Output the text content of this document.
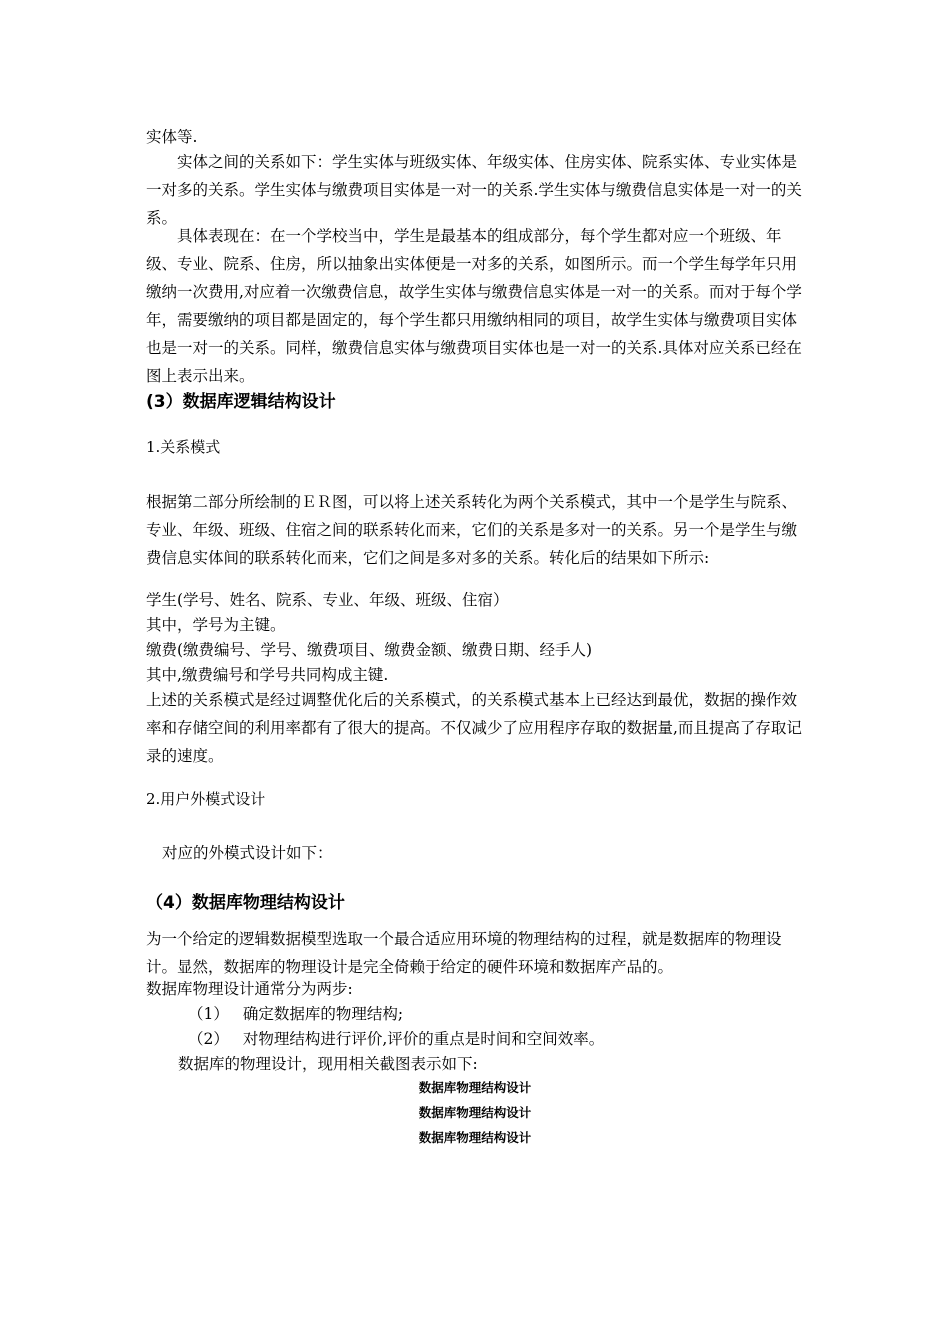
实体等.

实体之间的关系如下：学生实体与班级实体、年级实体、住房实体、院系实体、专业实体是一对多的关系。学生实体与缴费项目实体是一对一的关系.学生实体与缴费信息实体是一对一的关系。

具体表现在：在一个学校当中，学生是最基本的组成部分，每个学生都对应一个班级、年级、专业、院系、住房，所以抽象出实体便是一对多的关系，如图所示。而一个学生每学年只用缴纳一次费用,对应着一次缴费信息，故学生实体与缴费信息实体是一对一的关系。而对于每个学年，需要缴纳的项目都是固定的，每个学生都只用缴纳相同的项目，故学生实体与缴费项目实体也是一对一的关系。同样，缴费信息实体与缴费项目实体也是一对一的关系.具体对应关系已经在图上表示出来。

(3）数据库逻辑结构设计

1.关系模式

根据第二部分所绘制的ＥＲ图，可以将上述关系转化为两个关系模式，其中一个是学生与院系、专业、年级、班级、住宿之间的联系转化而来，它们的关系是多对一的关系。另一个是学生与缴费信息实体间的联系转化而来，它们之间是多对多的关系。转化后的结果如下所示:

学生(学号、姓名、院系、专业、年级、班级、住宿）

其中，学号为主键。

缴费(缴费编号、学号、缴费项目、缴费金额、缴费日期、经手人)

其中,缴费编号和学号共同构成主键.

上述的关系模式是经过调整优化后的关系模式，的关系模式基本上已经达到最优，数据的操作效率和存储空间的利用率都有了很大的提高。不仅减少了应用程序存取的数据量,而且提高了存取记录的速度。

2.用户外模式设计

对应的外模式设计如下：

（4）数据库物理结构设计

为一个给定的逻辑数据模型选取一个最合适应用环境的物理结构的过程，就是数据库的物理设计。显然，数据库的物理设计是完全倚赖于给定的硬件环境和数据库产品的。

数据库物理设计通常分为两步:

（1） 确定数据库的物理结构;

（2） 对物理结构进行评价,评价的重点是时间和空间效率。

数据库的物理设计，现用相关截图表示如下:

数据库物理结构设计

数据库物理结构设计

数据库物理结构设计
